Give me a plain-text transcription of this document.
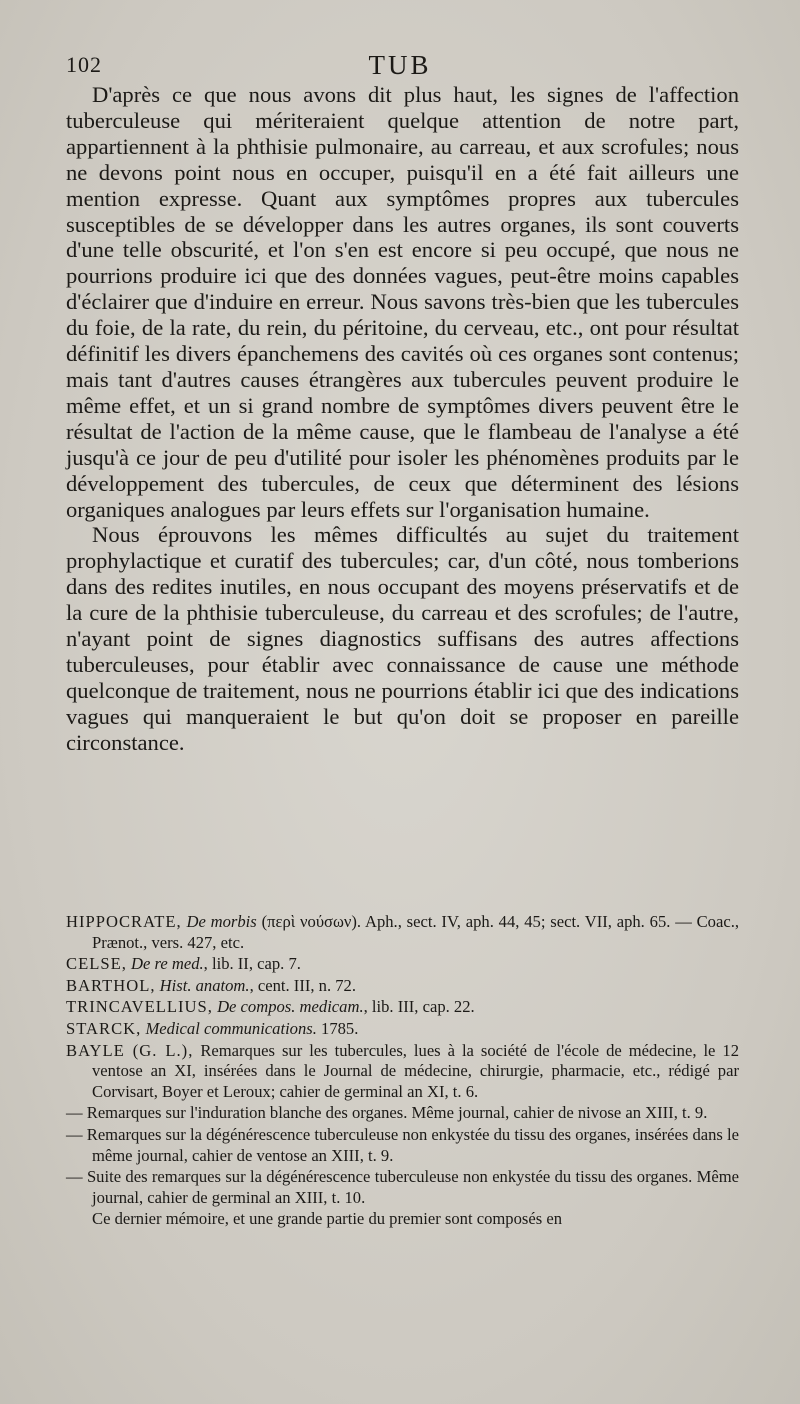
102	TUB

D'après ce que nous avons dit plus haut, les signes de l'affection tuberculeuse qui mériteraient quelque attention de notre part, appartiennent à la phthisie pulmonaire, au carreau, et aux scrofules; nous ne devons point nous en occuper, puisqu'il en a été fait ailleurs une mention expresse. Quant aux symptômes propres aux tubercules susceptibles de se développer dans les autres organes, ils sont couverts d'une telle obscurité, et l'on s'en est encore si peu occupé, que nous ne pourrions produire ici que des données vagues, peut-être moins capables d'éclairer que d'induire en erreur. Nous savons très-bien que les tubercules du foie, de la rate, du rein, du péritoine, du cerveau, etc., ont pour résultat définitif les divers épanchemens des cavités où ces organes sont contenus; mais tant d'autres causes étrangères aux tubercules peuvent produire le même effet, et un si grand nombre de symptômes divers peuvent être le résultat de l'action de la même cause, que le flambeau de l'analyse a été jusqu'à ce jour de peu d'utilité pour isoler les phénomènes produits par le développement des tubercules, de ceux que déterminent des lésions organiques analogues par leurs effets sur l'organisation humaine.

Nous éprouvons les mêmes difficultés au sujet du traitement prophylactique et curatif des tubercules; car, d'un côté, nous tomberions dans des redites inutiles, en nous occupant des moyens préservatifs et de la cure de la phthisie tuberculeuse, du carreau et des scrofules; de l'autre, n'ayant point de signes diagnostics suffisans des autres affections tuberculeuses, pour établir avec connaissance de cause une méthode quelconque de traitement, nous ne pourrions établir ici que des indications vagues qui manqueraient le but qu'on doit se proposer en pareille circonstance.

HIPPOCRATE, De morbis (περὶ νούσων). Aph., sect. IV, aph. 44, 45; sect. VII, aph. 65. — Coac., Prænot., vers. 427, etc.

CELSE, De re med., lib. II, cap. 7.

BARTHOL, Hist. anatom., cent. III, n. 72.

TRINCAVELLIUS, De compos. medicam., lib. III, cap. 22.

STARCK, Medical communications. 1785.

BAYLE (G. L.), Remarques sur les tubercules, lues à la société de l'école de médecine, le 12 ventose an XI, insérées dans le Journal de médecine, chirurgie, pharmacie, etc., rédigé par Corvisart, Boyer et Leroux; cahier de germinal an XI, t. 6.

— Remarques sur l'induration blanche des organes. Même journal, cahier de nivose an XIII, t. 9.

— Remarques sur la dégénérescence tuberculeuse non enkystée du tissu des organes, insérées dans le même journal, cahier de ventose an XIII, t. 9.

— Suite des remarques sur la dégénérescence tuberculeuse non enkystée du tissu des organes. Même journal, cahier de germinal an XIII, t. 10.

Ce dernier mémoire, et une grande partie du premier sont composés en
